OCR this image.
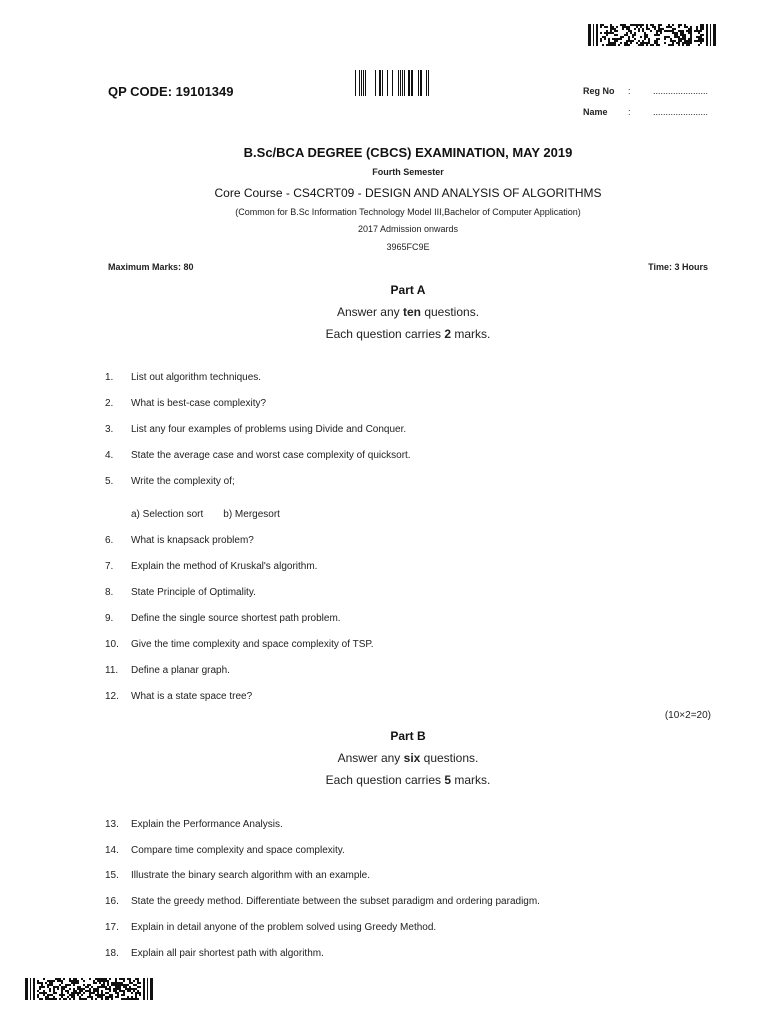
QP CODE: 19101349	Reg No : ......................
Name : ......................
B.Sc/BCA DEGREE (CBCS) EXAMINATION, MAY 2019
Fourth Semester
Core Course - CS4CRT09 - DESIGN AND ANALYSIS OF ALGORITHMS
(Common for B.Sc Information Technology Model III,Bachelor of Computer Application)
2017 Admission onwards
3965FC9E
Maximum Marks: 80	Time: 3 Hours
Part A
Answer any ten questions.
Each question carries 2 marks.
1. List out algorithm techniques.
2. What is best-case complexity?
3. List any four examples of problems using Divide and Conquer.
4. State the average case and worst case complexity of quicksort.
5. Write the complexity of;
6. What is knapsack problem?
7. Explain the method of Kruskal's algorithm.
8. State Principle of Optimality.
9. Define the single source shortest path problem.
10. Give the time complexity and space complexity of TSP.
11. Define a planar graph.
12. What is a state space tree?
a) Selection sort b) Mergesort
(10×2=20)
Part B
Answer any six questions.
Each question carries 5 marks.
13. Explain the Performance Analysis.
14. Compare time complexity and space complexity.
15. Illustrate the binary search algorithm with an example.
16. State the greedy method. Differentiate between the subset paradigm and ordering paradigm.
17. Explain in detail anyone of the problem solved using Greedy Method.
18. Explain all pair shortest path with algorithm.
